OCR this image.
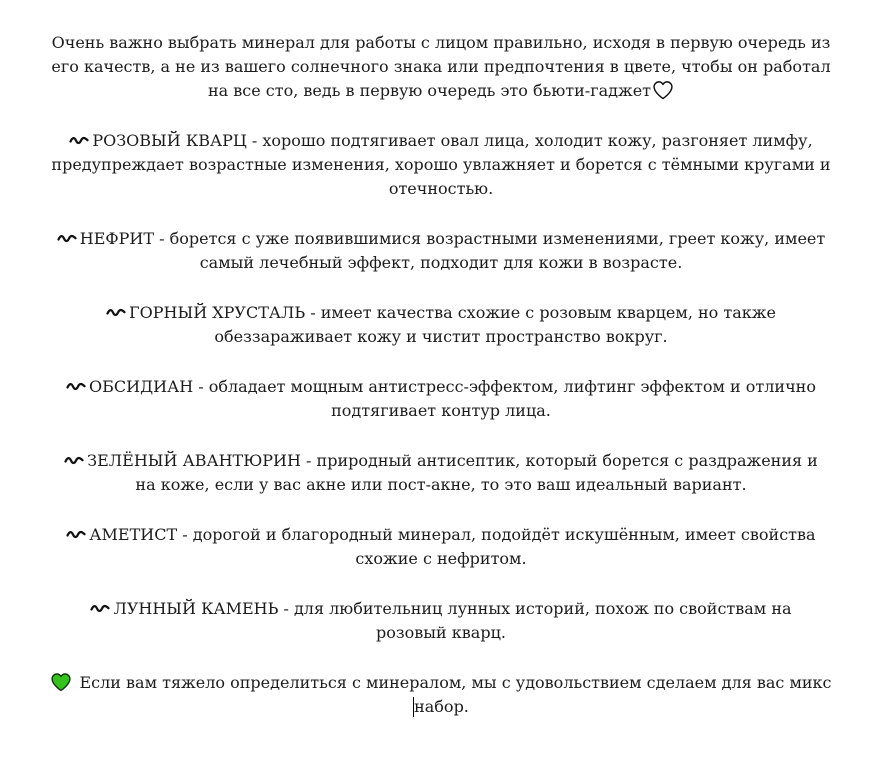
Очень важно выбрать минерал для работы с лицом правильно, исходя в первую очередь из
его качеств, а не из вашего солнечного знака или предпочтения в цвете, чтобы он работал
на все сто, ведь в первую очередь это бьюти-гаджет
РОЗОВЫЙ КВАРЦ - хорошо подтягивает овал лица, холодит кожу, разгоняет лимфу,
предупреждает возрастные изменения, хорошо увлажняет и борется с тёмными кругами и
отечностью.
НЕФРИТ - борется с уже появившимися возрастными изменениями, греет кожу, имеет
самый лечебный эффект, подходит для кожи в возрасте.
ГОРНЫЙ ХРУСТАЛЬ - имеет качества схожие с розовым кварцем, но также
обеззараживает кожу и чистит пространство вокруг.
ОБСИДИАН - обладает мощным антистресс-эффектом, лифтинг эффектом и отлично
подтягивает контур лица.
ЗЕЛЁНЫЙ АВАНТЮРИН - природный антисептик, который борется с раздражения и
на коже, если у вас акне или пост-акне, то это ваш идеальный вариант.
АМЕТИСТ - дорогой и благородный минерал, подойдёт искушённым, имеет свойства
схожие с нефритом.
ЛУННЫЙ КАМЕНЬ - для любительниц лунных историй, похож по свойствам на
розовый кварц.
Если вам тяжело определиться с минералом, мы с удовольствием сделаем для вас микс
набор.
